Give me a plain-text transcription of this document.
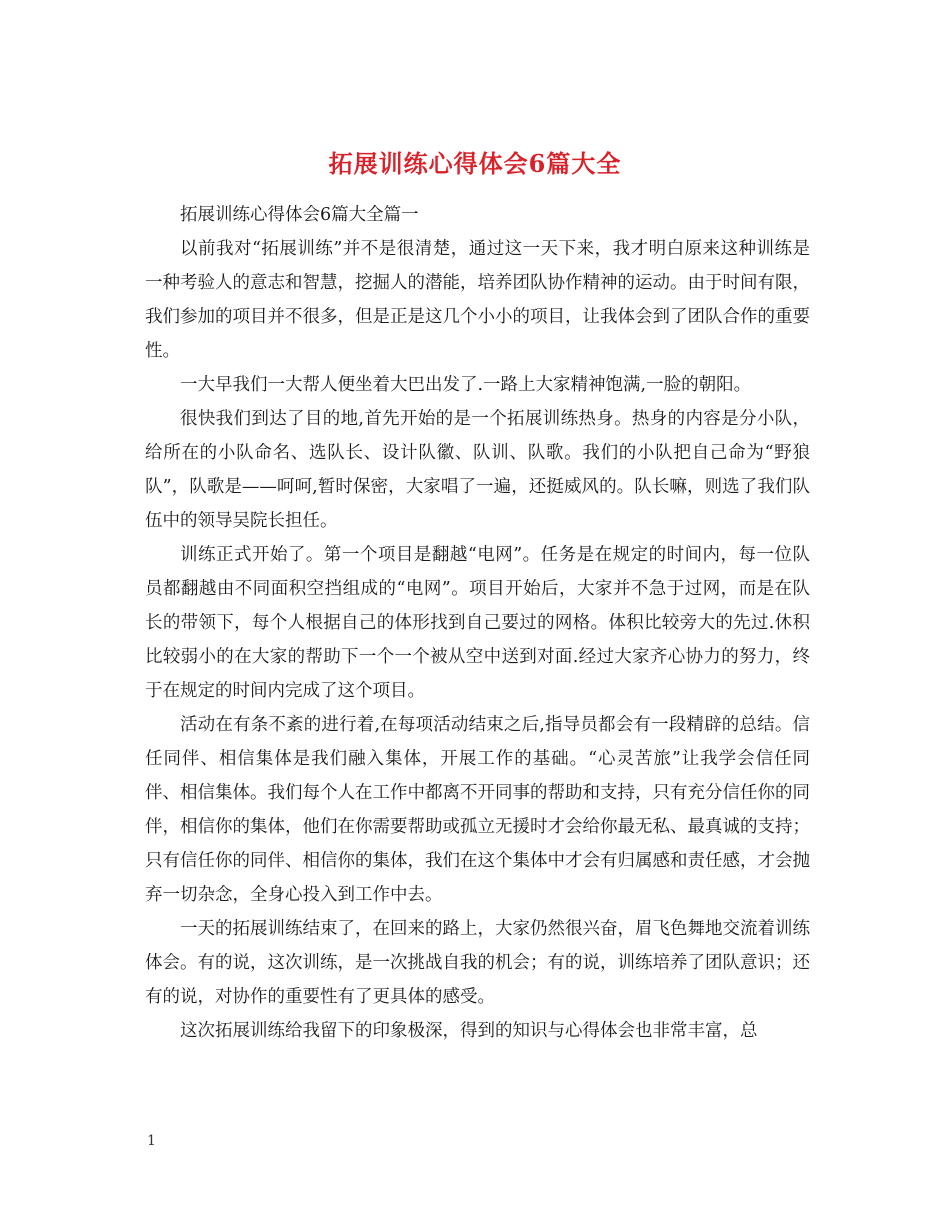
拓展训练心得体会6篇大全

拓展训练心得体会6篇大全篇一

以前我对“拓展训练”并不是很清楚，通过这一天下来，我才明白原来这种训练是一种考验人的意志和智慧，挖掘人的潜能，培养团队协作精神的运动。由于时间有限，我们参加的项目并不很多，但是正是这几个小小的项目，让我体会到了团队合作的重要性。

一大早我们一大帮人便坐着大巴出发了.一路上大家精神饱满,一脸的朝阳。

很快我们到达了目的地,首先开始的是一个拓展训练热身。热身的内容是分小队，给所在的小队命名、选队长、设计队徽、队训、队歌。我们的小队把自己命为“野狼队”，队歌是——呵呵,暂时保密，大家唱了一遍，还挺威风的。队长嘛，则选了我们队伍中的领导吴院长担任。

训练正式开始了。第一个项目是翻越“电网”。任务是在规定的时间内，每一位队员都翻越由不同面积空挡组成的“电网”。项目开始后，大家并不急于过网，而是在队长的带领下，每个人根据自己的体形找到自己要过的网格。体积比较旁大的先过.休积比较弱小的在大家的帮助下一个一个被从空中送到对面.经过大家齐心协力的努力，终于在规定的时间内完成了这个项目。

活动在有条不紊的进行着,在每项活动结束之后,指导员都会有一段精辟的总结。信任同伴、相信集体是我们融入集体，开展工作的基础。“心灵苦旅”让我学会信任同伴、相信集体。我们每个人在工作中都离不开同事的帮助和支持，只有充分信任你的同伴，相信你的集体，他们在你需要帮助或孤立无援时才会给你最无私、最真诚的支持；只有信任你的同伴、相信你的集体，我们在这个集体中才会有归属感和责任感，才会抛弃一切杂念，全身心投入到工作中去。

一天的拓展训练结束了，在回来的路上，大家仍然很兴奋，眉飞色舞地交流着训练体会。有的说，这次训练，是一次挑战自我的机会；有的说，训练培养了团队意识；还有的说，对协作的重要性有了更具体的感受。

这次拓展训练给我留下的印象极深，得到的知识与心得体会也非常丰富，总

1
